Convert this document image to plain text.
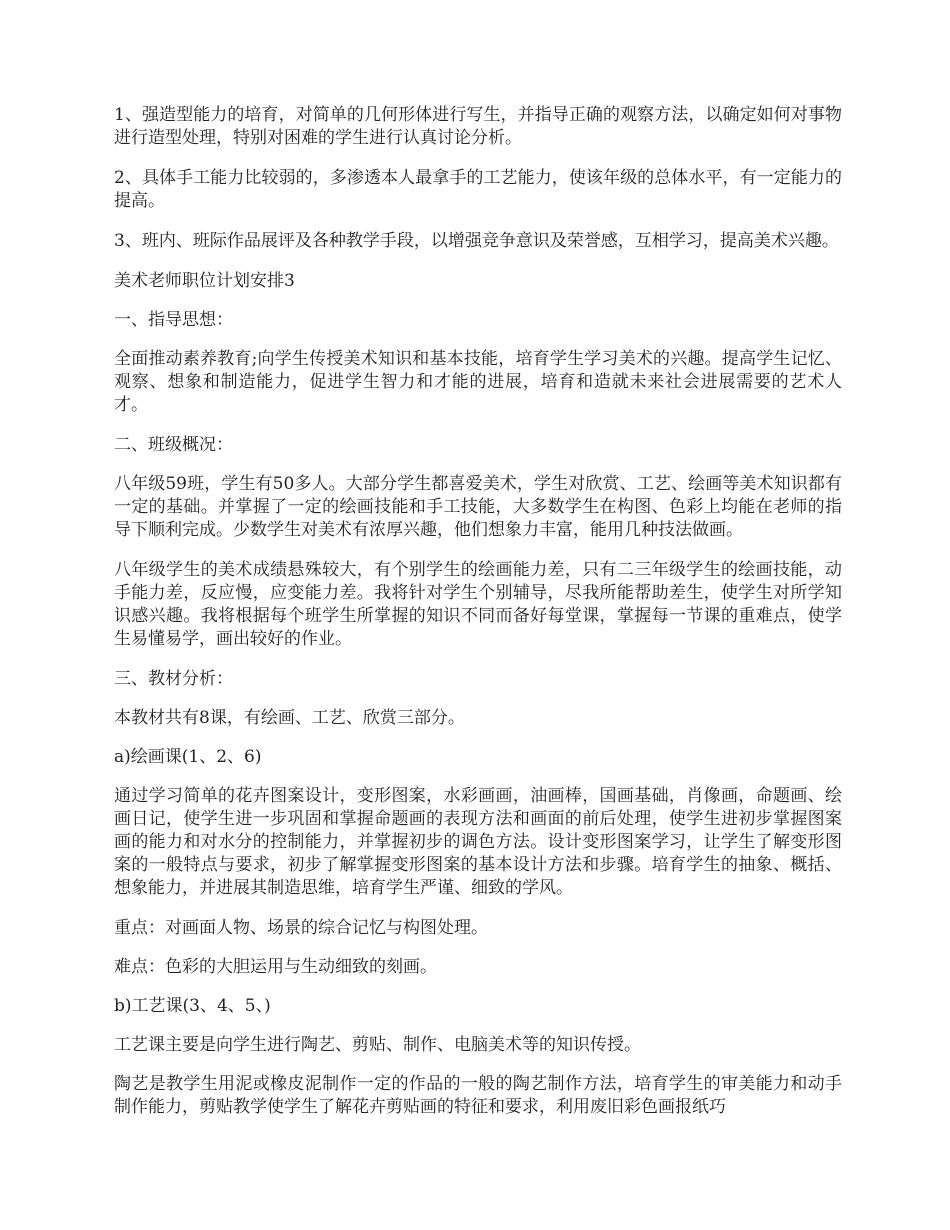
1、强造型能力的培育，对简单的几何形体进行写生，并指导正确的观察方法，以确定如何对事物进行造型处理，特别对困难的学生进行认真讨论分析。

2、具体手工能力比较弱的，多渗透本人最拿手的工艺能力，使该年级的总体水平，有一定能力的提高。

3、班内、班际作品展评及各种教学手段，以增强竞争意识及荣誉感，互相学习，提高美术兴趣。

美术老师职位计划安排3

一、指导思想：

全面推动素养教育;向学生传授美术知识和基本技能，培育学生学习美术的兴趣。提高学生记忆、观察、想象和制造能力，促进学生智力和才能的进展，培育和造就未来社会进展需要的艺术人才。

二、班级概况：

八年级59班，学生有50多人。大部分学生都喜爱美术，学生对欣赏、工艺、绘画等美术知识都有一定的基础。并掌握了一定的绘画技能和手工技能，大多数学生在构图、色彩上均能在老师的指导下顺利完成。少数学生对美术有浓厚兴趣，他们想象力丰富，能用几种技法做画。

八年级学生的美术成绩悬殊较大，有个别学生的绘画能力差，只有二三年级学生的绘画技能，动手能力差，反应慢，应变能力差。我将针对学生个别辅导，尽我所能帮助差生，使学生对所学知识感兴趣。我将根据每个班学生所掌握的知识不同而备好每堂课，掌握每一节课的重难点，使学生易懂易学，画出较好的作业。

三、教材分析：

本教材共有8课，有绘画、工艺、欣赏三部分。

a)绘画课(1、2、6)

通过学习简单的花卉图案设计，变形图案，水彩画画，油画棒，国画基础，肖像画，命题画、绘画日记，使学生进一步巩固和掌握命题画的表现方法和画面的前后处理，使学生进初步掌握图案画的能力和对水分的控制能力，并掌握初步的调色方法。设计变形图案学习，让学生了解变形图案的一般特点与要求，初步了解掌握变形图案的基本设计方法和步骤。培育学生的抽象、概括、想象能力，并进展其制造思维，培育学生严谨、细致的学风。

重点：对画面人物、场景的综合记忆与构图处理。

难点：色彩的大胆运用与生动细致的刻画。

b)工艺课(3、4、5、)

工艺课主要是向学生进行陶艺、剪贴、制作、电脑美术等的知识传授。

陶艺是教学生用泥或橡皮泥制作一定的作品的一般的陶艺制作方法，培育学生的审美能力和动手制作能力，剪贴教学使学生了解花卉剪贴画的特征和要求，利用废旧彩色画报纸巧
